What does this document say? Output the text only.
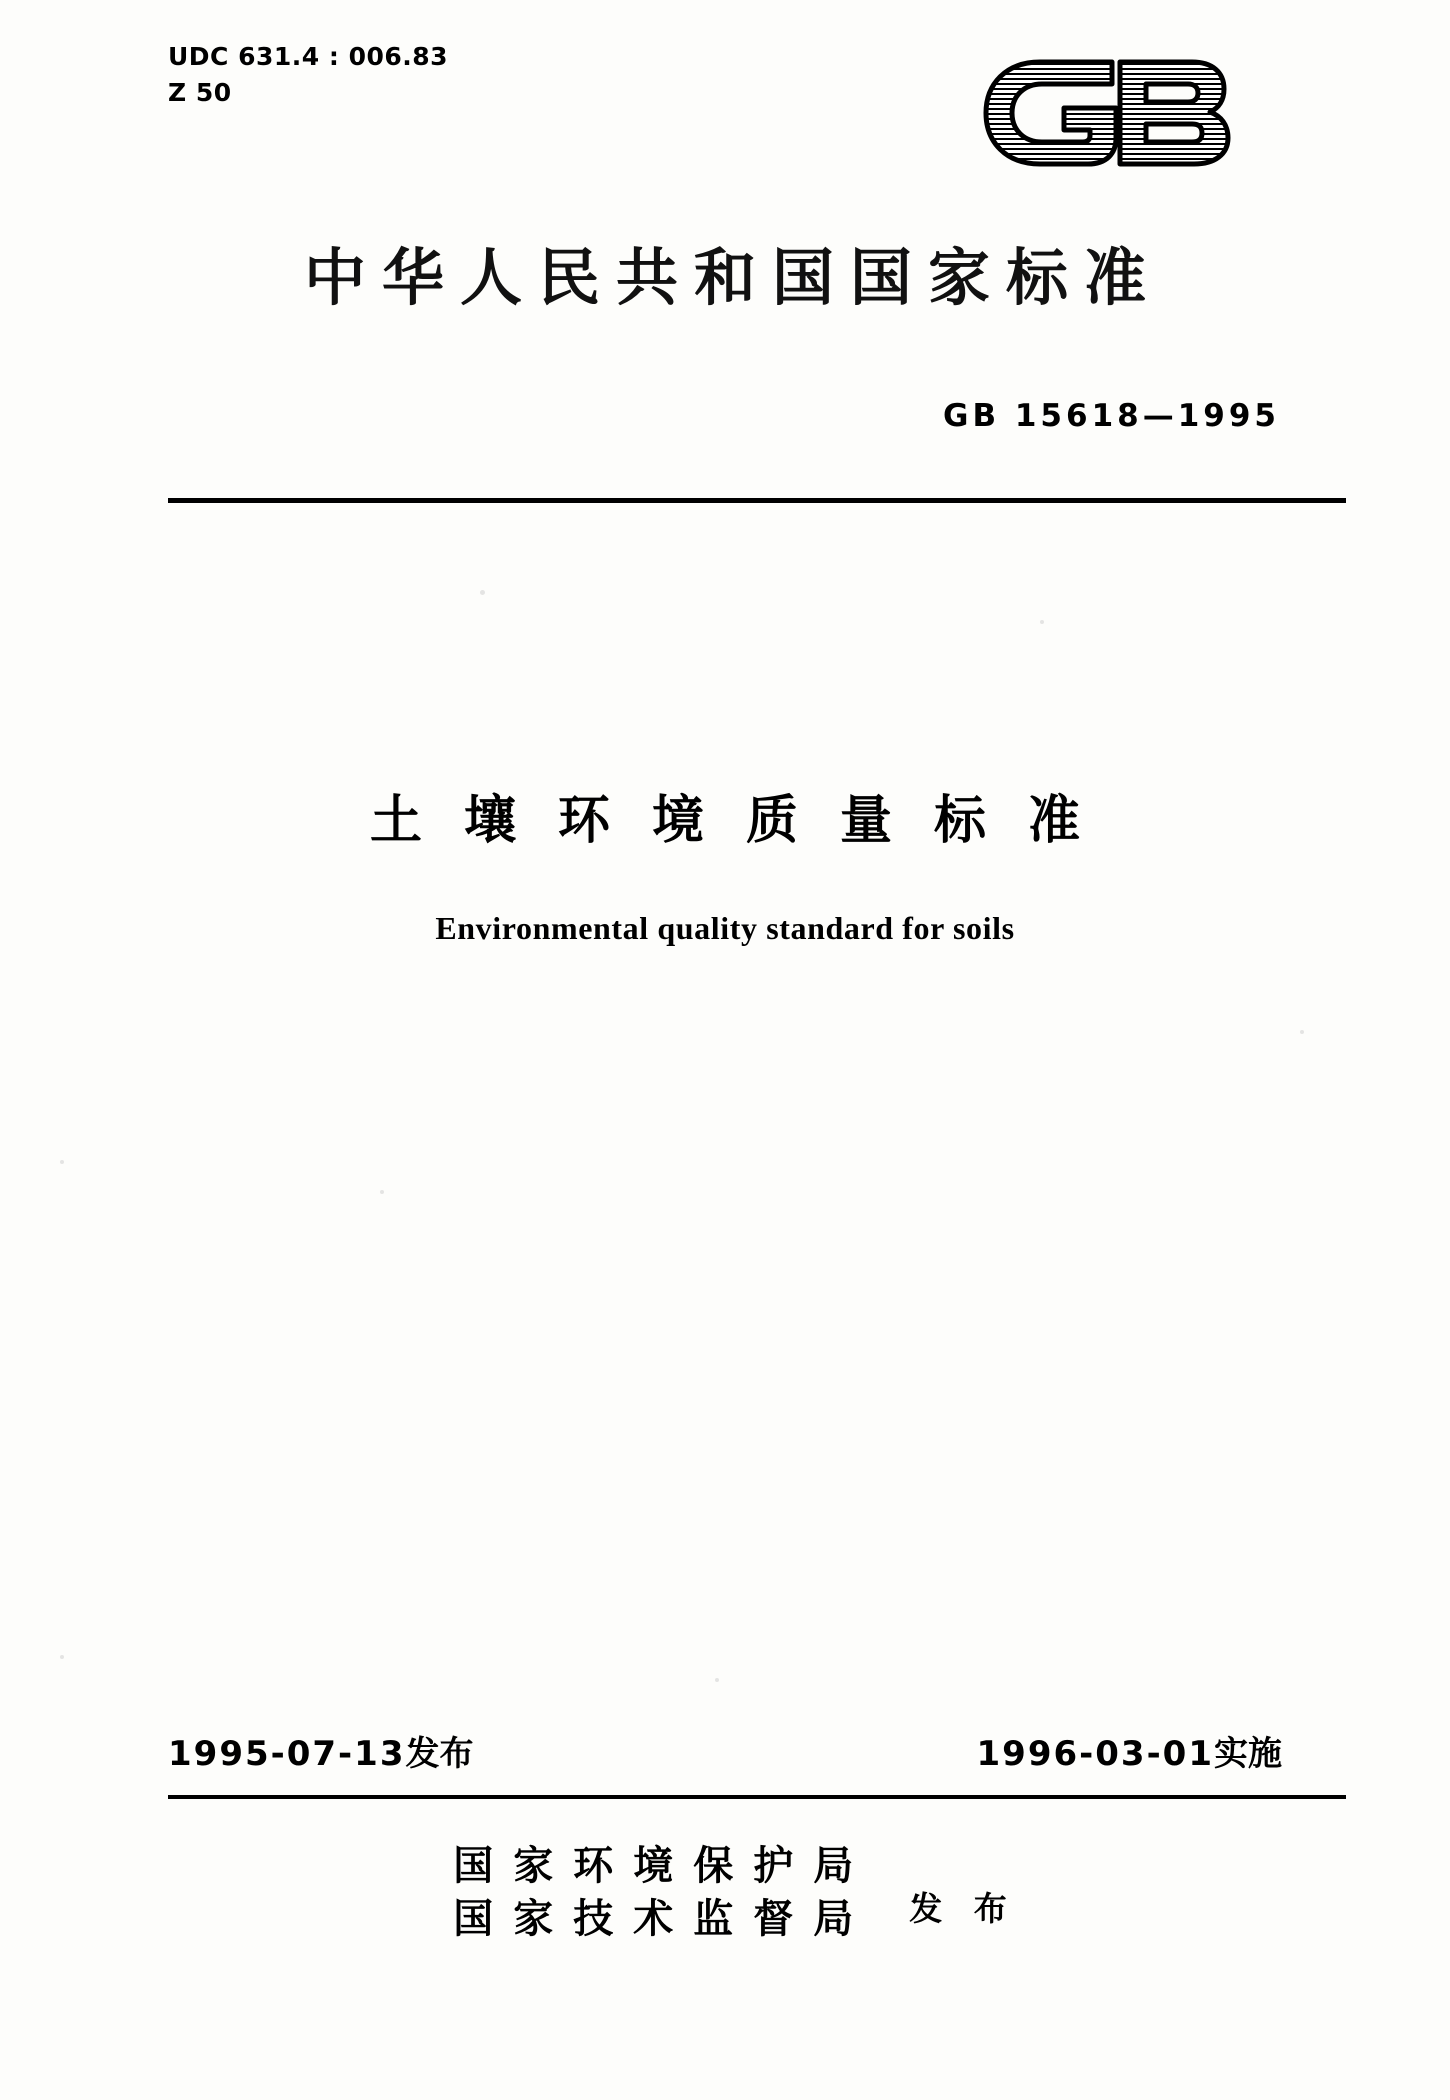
UDC 631.4 : 006.83
Z 50
中华人民共和国国家标准
GB 15618—1995
土壤环境质量标准
Environmental quality standard for soils
1995-07-13发布	1996-03-01实施
国家环境保护局
国家技术监督局	发 布
